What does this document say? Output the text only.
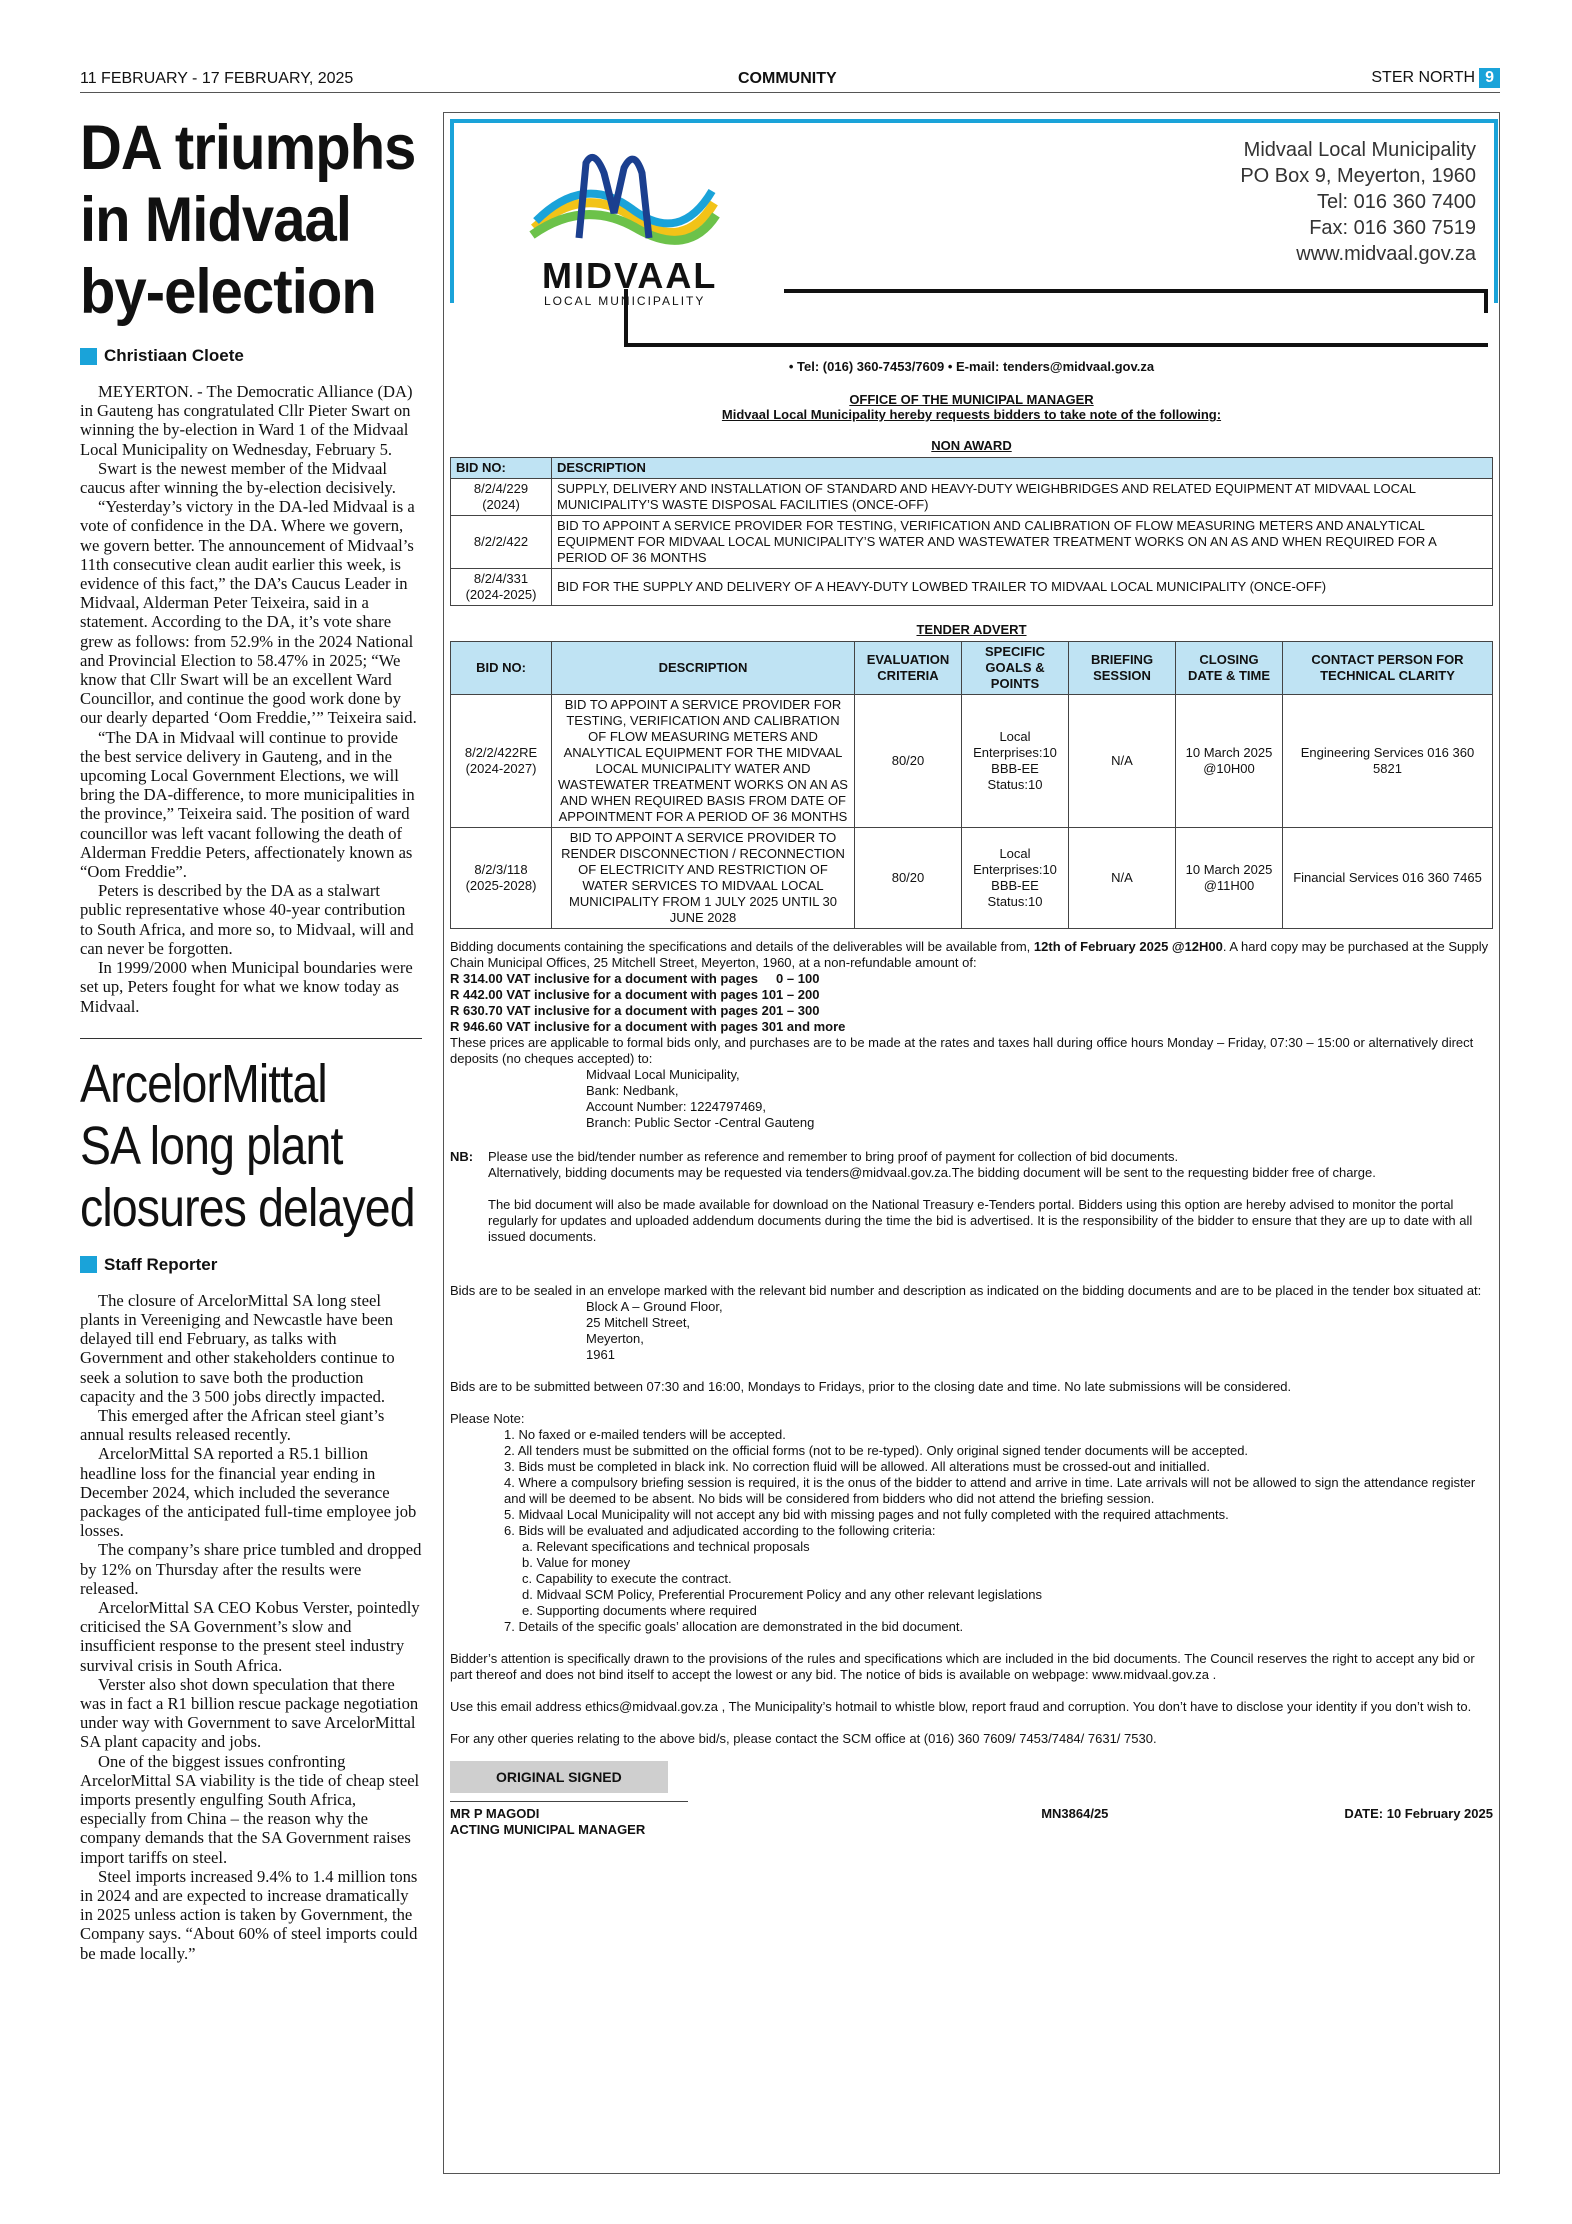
11 FEBRUARY - 17 FEBRUARY, 2025	COMMUNITY	STER NORTH 9
DA triumphs
in Midvaal
by-election
Christiaan Cloete

MEYERTON. - The Democratic Alliance (DA) in Gauteng has congratulated Cllr Pieter Swart on winning the by-election in Ward 1 of the Midvaal Local Municipality on Wednesday, February 5.

Swart is the newest member of the Midvaal caucus after winning the by-election decisively.

“Yesterday’s victory in the DA-led Midvaal is a vote of confidence in the DA. Where we govern, we govern better. The announcement of Midvaal’s 11th consecutive clean audit earlier this week, is evidence of this fact,” the DA’s Caucus Leader in Midvaal, Alderman Peter Teixeira, said in a statement. According to the DA, it’s vote share grew as follows: from 52.9% in the 2024 National and Provincial Election to 58.47% in 2025; “We know that Cllr Swart will be an excellent Ward Councillor, and continue the good work done by our dearly departed ‘Oom Freddie,’” Teixeira said.

“The DA in Midvaal will continue to provide the best service delivery in Gauteng, and in the upcoming Local Government Elections, we will bring the DA-difference, to more municipalities in the province,” Teixeira said. The position of ward councillor was left vacant following the death of Alderman Freddie Peters, affectionately known as “Oom Freddie”.

Peters is described by the DA as a stalwart public representative whose 40-year contribution to South Africa, and more so, to Midvaal, will and can never be forgotten.

In 1999/2000 when Municipal boundaries were set up, Peters fought for what we know today as Midvaal.

ArcelorMittal
SA long plant
closures delayed
Staff Reporter

The closure of ArcelorMittal SA long steel plants in Vereeniging and Newcastle have been delayed till end February, as talks with Government and other stakeholders continue to seek a solution to save both the production capacity and the 3 500 jobs directly impacted.

This emerged after the African steel giant’s annual results released recently.

ArcelorMittal SA reported a R5.1 billion headline loss for the financial year ending in December 2024, which included the severance packages of the anticipated full-time employee job losses.

The company’s share price tumbled and dropped by 12% on Thursday after the results were released.

ArcelorMittal SA CEO Kobus Verster, pointedly criticised the SA Government’s slow and insufficient response to the present steel industry survival crisis in South Africa.

Verster also shot down speculation that there was in fact a R1 billion rescue package negotiation under way with Government to save ArcelorMittal SA plant capacity and jobs.

One of the biggest issues confronting ArcelorMittal SA viability is the tide of cheap steel imports presently engulfing South Africa, especially from China – the reason why the company demands that the SA Government raises import tariffs on steel.

Steel imports increased 9.4% to 1.4 million tons in 2024 and are expected to increase dramatically in 2025 unless action is taken by Government, the Company says. “About 60% of steel imports could be made locally.”

MIDVAAL
LOCAL MUNICIPALITY
Midvaal Local Municipality
PO Box 9, Meyerton, 1960
Tel: 016 360 7400
Fax: 016 360 7519
www.midvaal.gov.za
• Tel: (016) 360-7453/7609 • E-mail: tenders@midvaal.gov.za
OFFICE OF THE MUNICIPAL MANAGER
Midvaal Local Municipality hereby requests bidders to take note of the following:
NON AWARD
BID NO:	DESCRIPTION
8/2/4/229 (2024)	SUPPLY, DELIVERY AND INSTALLATION OF STANDARD AND HEAVY-DUTY WEIGHBRIDGES AND RELATED EQUIPMENT AT MIDVAAL LOCAL MUNICIPALITY’S WASTE DISPOSAL FACILITIES (ONCE-OFF)
8/2/2/422	BID TO APPOINT A SERVICE PROVIDER FOR TESTING, VERIFICATION AND CALIBRATION OF FLOW MEASURING METERS AND ANALYTICAL EQUIPMENT FOR MIDVAAL LOCAL MUNICIPALITY’S WATER AND WASTEWATER TREATMENT WORKS ON AN AS AND WHEN REQUIRED FOR A PERIOD OF 36 MONTHS
8/2/4/331 (2024-2025)	BID FOR THE SUPPLY AND DELIVERY OF A HEAVY-DUTY LOWBED TRAILER TO MIDVAAL LOCAL MUNICIPALITY (ONCE-OFF)
TENDER ADVERT
BID NO:	DESCRIPTION	EVALUATION CRITERIA	SPECIFIC GOALS & POINTS	BRIEFING SESSION	CLOSING DATE & TIME	CONTACT PERSON FOR TECHNICAL CLARITY
8/2/2/422RE (2024-2027)	BID TO APPOINT A SERVICE PROVIDER FOR TESTING, VERIFICATION AND CALIBRATION OF FLOW MEASURING METERS AND ANALYTICAL EQUIPMENT FOR THE MIDVAAL LOCAL MUNICIPALITY WATER AND WASTEWATER TREATMENT WORKS ON AN AS AND WHEN REQUIRED BASIS FROM DATE OF APPOINTMENT FOR A PERIOD OF 36 MONTHS	80/20	Local Enterprises:10 BBB-EE Status:10	N/A	10 March 2025 @10H00	Engineering Services 016 360 5821
8/2/3/118 (2025-2028)	BID TO APPOINT A SERVICE PROVIDER TO RENDER DISCONNECTION / RECONNECTION OF ELECTRICITY AND RESTRICTION OF WATER SERVICES TO MIDVAAL LOCAL MUNICIPALITY FROM 1 JULY 2025 UNTIL 30 JUNE 2028	80/20	Local Enterprises:10 BBB-EE Status:10	N/A	10 March 2025 @11H00	Financial Services 016 360 7465

Bidding documents containing the specifications and details of the deliverables will be available from, 12th of February 2025 @12H00. A hard copy may be purchased at the Supply Chain Municipal Offices, 25 Mitchell Street, Meyerton, 1960, at a non-refundable amount of:

R 314.00 VAT inclusive for a document with pages     0 – 100

R 442.00 VAT inclusive for a document with pages 101 – 200

R 630.70 VAT inclusive for a document with pages 201 – 300

R 946.60 VAT inclusive for a document with pages 301 and more

These prices are applicable to formal bids only, and purchases are to be made at the rates and taxes hall during office hours Monday – Friday, 07:30 – 15:00 or alternatively direct deposits (no cheques accepted) to:

Midvaal Local Municipality,

Bank: Nedbank,

Account Number: 1224797469,

Branch: Public Sector -Central Gauteng

NB:	Please use the bid/tender number as reference and remember to bring proof of payment for collection of bid documents.

Alternatively, bidding documents may be requested via tenders@midvaal.gov.za.The bidding document will be sent to the requesting bidder free of charge.

The bid document will also be made available for download on the National Treasury e-Tenders portal. Bidders using this option are hereby advised to monitor the portal regularly for updates and uploaded addendum documents during the time the bid is advertised. It is the responsibility of the bidder to ensure that they are up to date with all issued documents.

Bids are to be sealed in an envelope marked with the relevant bid number and description as indicated on the bidding documents and are to be placed in the tender box situated at:

Block A – Ground Floor,

25 Mitchell Street,

Meyerton,

1961

Bids are to be submitted between 07:30 and 16:00, Mondays to Fridays, prior to the closing date and time. No late submissions will be considered.

Please Note:

1. No faxed or e-mailed tenders will be accepted.

2. All tenders must be submitted on the official forms (not to be re-typed). Only original signed tender documents will be accepted.

3. Bids must be completed in black ink. No correction fluid will be allowed. All alterations must be crossed-out and initialled.

4. Where a compulsory briefing session is required, it is the onus of the bidder to attend and arrive in time. Late arrivals will not be allowed to sign the attendance register and will be deemed to be absent. No bids will be considered from bidders who did not attend the briefing session.

5. Midvaal Local Municipality will not accept any bid with missing pages and not fully completed with the required attachments.

6. Bids will be evaluated and adjudicated according to the following criteria:

a. Relevant specifications and technical proposals

b. Value for money

c. Capability to execute the contract.

d. Midvaal SCM Policy, Preferential Procurement Policy and any other relevant legislations

e. Supporting documents where required

7. Details of the specific goals’ allocation are demonstrated in the bid document.

Bidder’s attention is specifically drawn to the provisions of the rules and specifications which are included in the bid documents. The Council reserves the right to accept any bid or part thereof and does not bind itself to accept the lowest or any bid. The notice of bids is available on webpage: www.midvaal.gov.za .

Use this email address ethics@midvaal.gov.za , The Municipality’s hotmail to whistle blow, report fraud and corruption. You don’t have to disclose your identity if you don’t wish to.

For any other queries relating to the above bid/s, please contact the SCM office at (016) 360 7609/ 7453/7484/ 7631/ 7530.

ORIGINAL SIGNED

MR P MAGODI

ACTING MUNICIPAL MANAGER

MN3864/25	DATE: 10 February 2025
